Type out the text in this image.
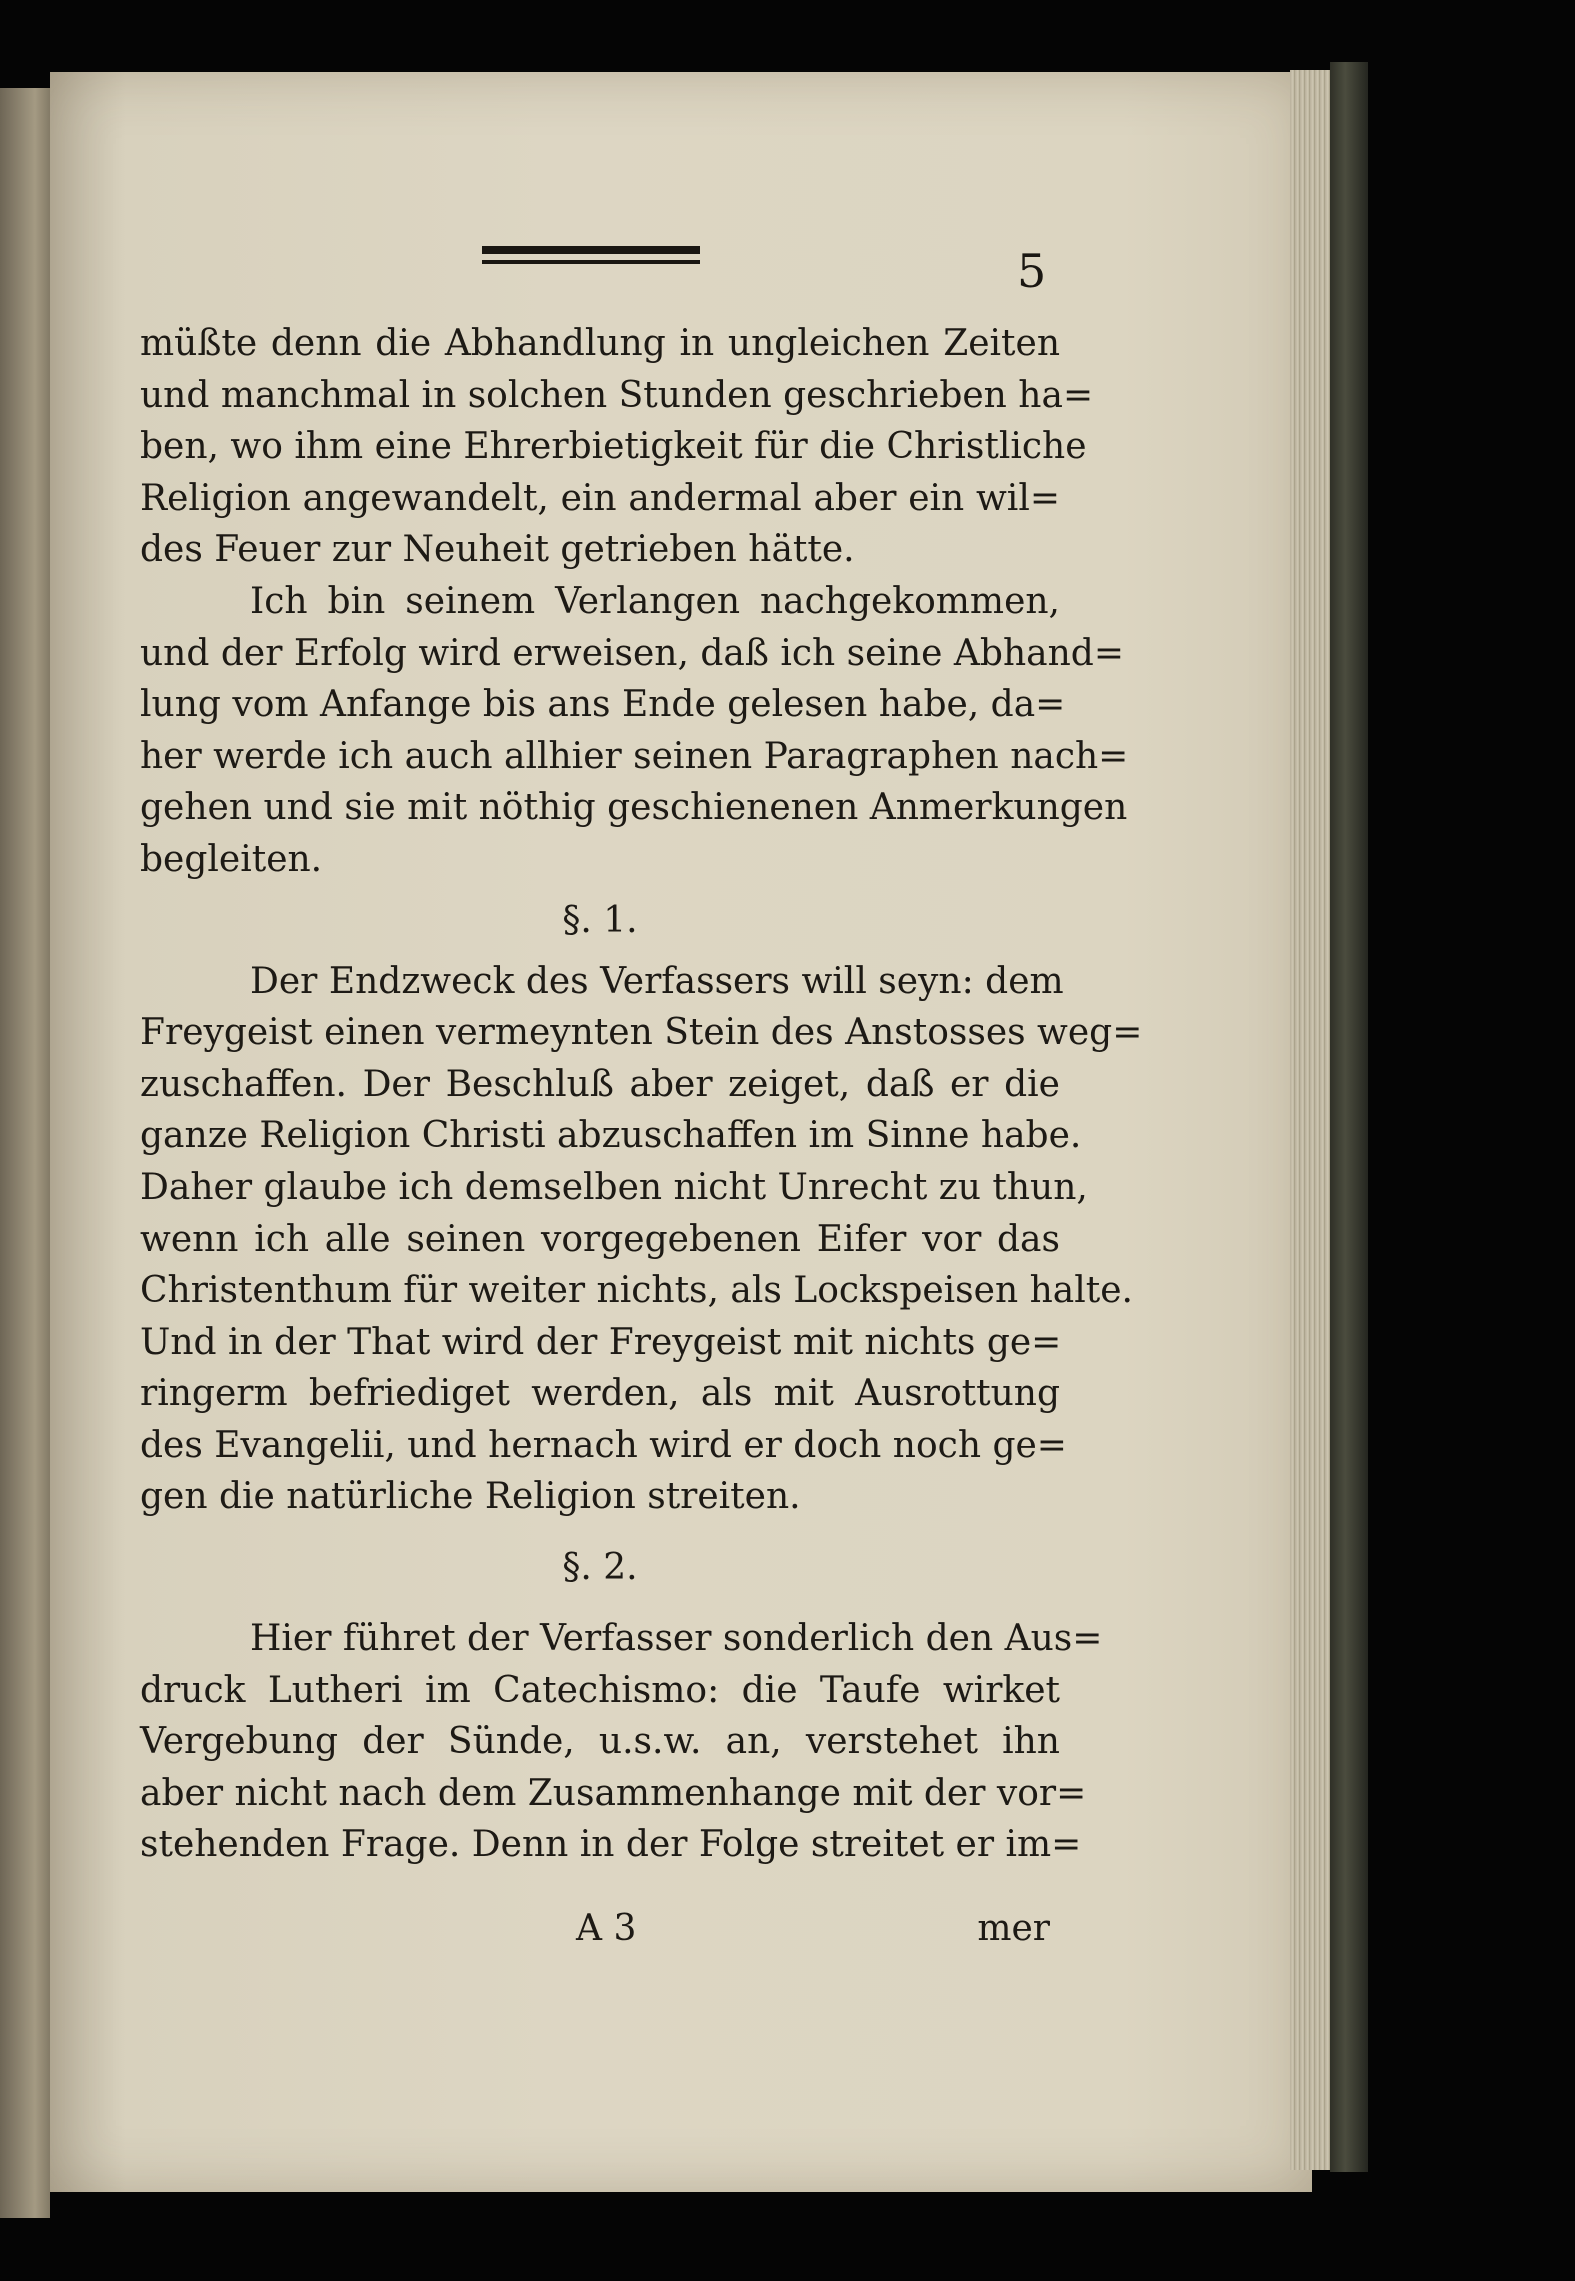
5
müßte denn die Abhandlung in ungleichen Zeiten
und manchmal in solchen Stunden geschrieben ha=
ben, wo ihm eine Ehrerbietigkeit für die Christliche
Religion angewandelt, ein andermal aber ein wil=
des Feuer zur Neuheit getrieben hätte.
Ich bin seinem Verlangen nachgekommen,
und der Erfolg wird erweisen, daß ich seine Abhand=
lung vom Anfange bis ans Ende gelesen habe, da=
her werde ich auch allhier seinen Paragraphen nach=
gehen und sie mit nöthig geschienenen Anmerkungen
begleiten.
§. 1.
Der Endzweck des Verfassers will seyn: dem
Freygeist einen vermeynten Stein des Anstosses weg=
zuschaffen. Der Beschluß aber zeiget, daß er die
ganze Religion Christi abzuschaffen im Sinne habe.
Daher glaube ich demselben nicht Unrecht zu thun,
wenn ich alle seinen vorgegebenen Eifer vor das
Christenthum für weiter nichts, als Lockspeisen halte.
Und in der That wird der Freygeist mit nichts ge=
ringerm befriediget werden, als mit Ausrottung
des Evangelii, und hernach wird er doch noch ge=
gen die natürliche Religion streiten.
§. 2.
Hier führet der Verfasser sonderlich den Aus=
druck Lutheri im Catechismo: die Taufe wirket
Vergebung der Sünde, u.s.w. an, verstehet ihn
aber nicht nach dem Zusammenhange mit der vor=
stehenden Frage. Denn in der Folge streitet er im=
A 3	mer
